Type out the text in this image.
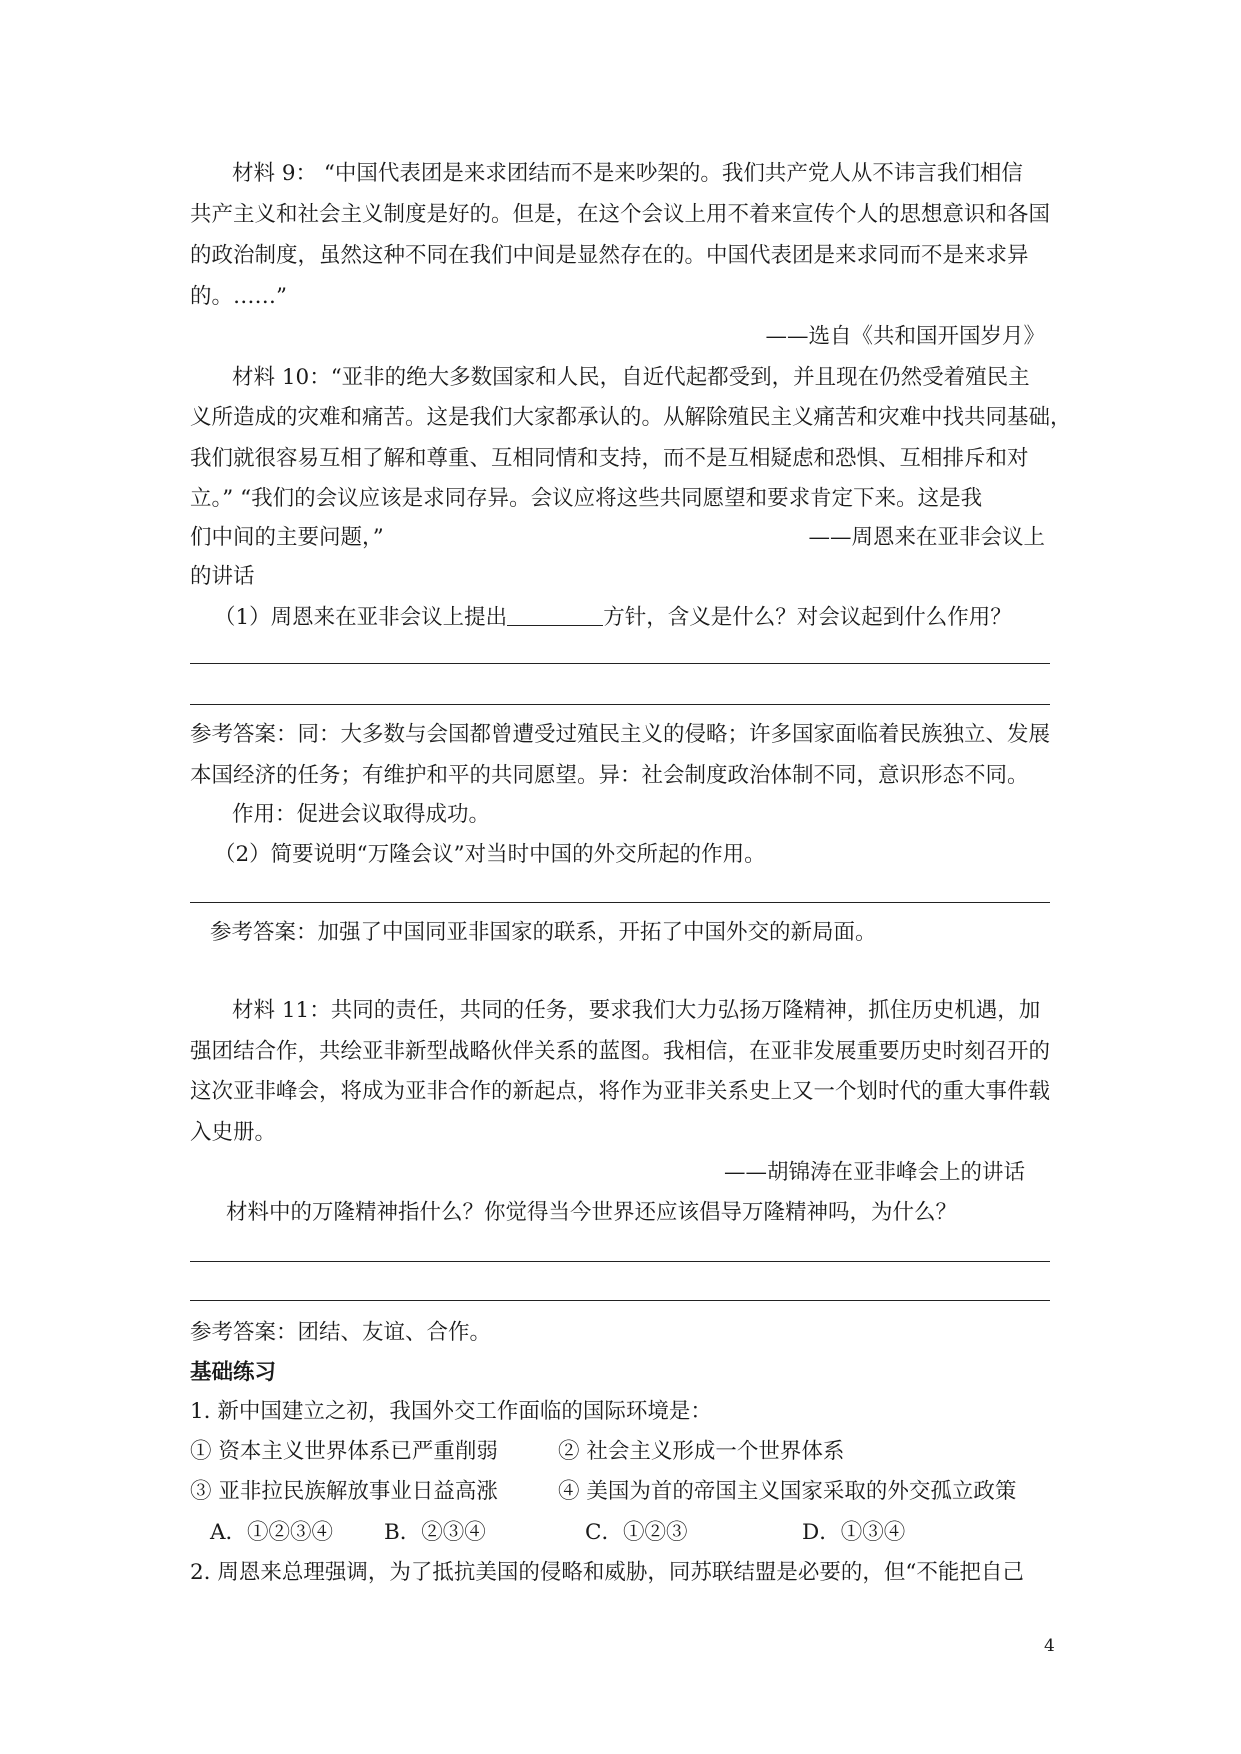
材料 9： “中国代表团是来求团结而不是来吵架的。我们共产党人从不讳言我们相信
共产主义和社会主义制度是好的。但是，在这个会议上用不着来宣传个人的思想意识和各国
的政治制度，虽然这种不同在我们中间是显然存在的。中国代表团是来求同而不是来求异
的。……”
——选自《共和国开国岁月》
材料 10：“亚非的绝大多数国家和人民，自近代起都受到，并且现在仍然受着殖民主
义所造成的灾难和痛苦。这是我们大家都承认的。从解除殖民主义痛苦和灾难中找共同基础，
我们就很容易互相了解和尊重、互相同情和支持，而不是互相疑虑和恐惧、互相排斥和对
立。” “我们的会议应该是求同存异。会议应将这些共同愿望和要求肯定下来。这是我
们中间的主要问题，”	——周恩来在亚非会议上
的讲话
（1）周恩来在亚非会议上提出	方针，含义是什么？对会议起到什么作用？
参考答案：同：大多数与会国都曾遭受过殖民主义的侵略；许多国家面临着民族独立、发展
本国经济的任务；有维护和平的共同愿望。异：社会制度政治体制不同，意识形态不同。
作用：促进会议取得成功。
（2）简要说明“万隆会议”对当时中国的外交所起的作用。
参考答案：加强了中国同亚非国家的联系，开拓了中国外交的新局面。
材料 11：共同的责任，共同的任务，要求我们大力弘扬万隆精神，抓住历史机遇，加
强团结合作，共绘亚非新型战略伙伴关系的蓝图。我相信，在亚非发展重要历史时刻召开的
这次亚非峰会，将成为亚非合作的新起点，将作为亚非关系史上又一个划时代的重大事件载
入史册。
——胡锦涛在亚非峰会上的讲话
材料中的万隆精神指什么？你觉得当今世界还应该倡导万隆精神吗，为什么？
参考答案：团结、友谊、合作。
基础练习
1. 新中国建立之初，我国外交工作面临的国际环境是：
① 资本主义世界体系已严重削弱	② 社会主义形成一个世界体系
③ 亚非拉民族解放事业日益高涨	④ 美国为首的帝国主义国家采取的外交孤立政策
A．①②③④ B．②③④	C．①②③	D．①③④
2. 周恩来总理强调，为了抵抗美国的侵略和威胁，同苏联结盟是必要的，但“不能把自己
4
